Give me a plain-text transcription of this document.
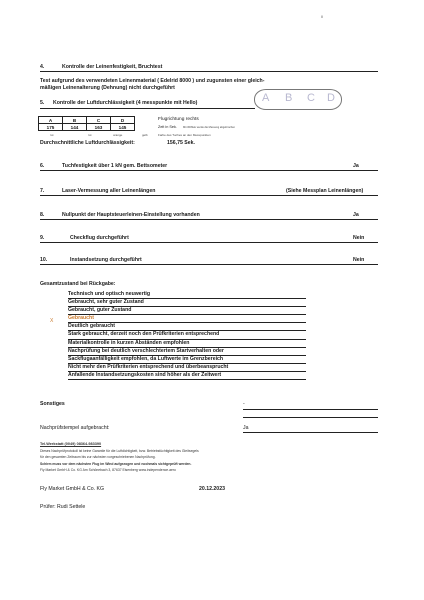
II
4.	Kontrolle der Leinenfestigkeit, Bruchtest
Test aufgrund des verwendeten Leinenmaterial ( Edelrid 8000 ) und zugunsten einer gleich-
mäßigen Leinenalterung (Dehnung) nicht durchgeführt
5. Kontrolle der Luftdurchlässigkeit (4 messpunkte mit Hello)	A B C D
A	B	C	D
175	144	163	145
rot	rot	orange	gelb
Flugrichtung rechts
Zeit in Sek. Mit 300Sek wurde die Messung abgebrochen
Farbe des Tuches an den Messpunkten
Durchschnittliche Luftdurchlässigkeit:	156,75 Sek.
6.	Tuchfestigkeit über 1 kN gem. Bettsometer	Ja
7.	Laser-Vermessung aller Leinenlängen	(Siehe Messplan Leinenlängen)
8.	Nullpunkt der Hauptsteuerleinen-Einstellung vorhanden	Ja
9.	Checkflug durchgeführt	Nein
10.	Instandsetzung durchgeführt	Nein
Gesamtzustand bei Rückgabe:
X
Technisch und optisch neuwertig
Gebraucht, sehr guter Zustand
Gebraucht, guter Zustand
Gebraucht
Deutlich gebraucht
Stark gebraucht, derzeit noch den Prüfkriterien entsprechend
Materialkontrolle in kurzen Abständen empfohlen
Nachprüfung bei deutlich verschlechtertem Startverhalten oder
Sackflugaanfälligkeit empfohlen, da Luftwerte im Grenzbereich
Nicht mehr den Prüfkriterien entsprechend und überbeansprucht
Anfallende Instandsetzungskosten sind höher als der Zeitwert
Sonstiges	-
Nachprüfstempel aufgebracht:	Ja
Tel.Werkstatt (0049) 08364-983390
Dieses Nachprüfprotokoll ist keine Garantie für die Luftdichtigkeit, bzw. Betriebstüchtigkeit des Gleitsegels
für den gesamten Zeitraum bis zur nächsten vorgeschriebenen Nachprüfung.
Schirm muss vor dem nächsten Flug im Wind aufgezogen und nochmals sichtgeprüft werden.
Fly Market GmbH & Co. KG Am Schönebach 3, 87637 Eisenberg www.independence.aero
Fly Market GmbH & Co. KG	20.12.2023
Prüfer: Rudi Settele
